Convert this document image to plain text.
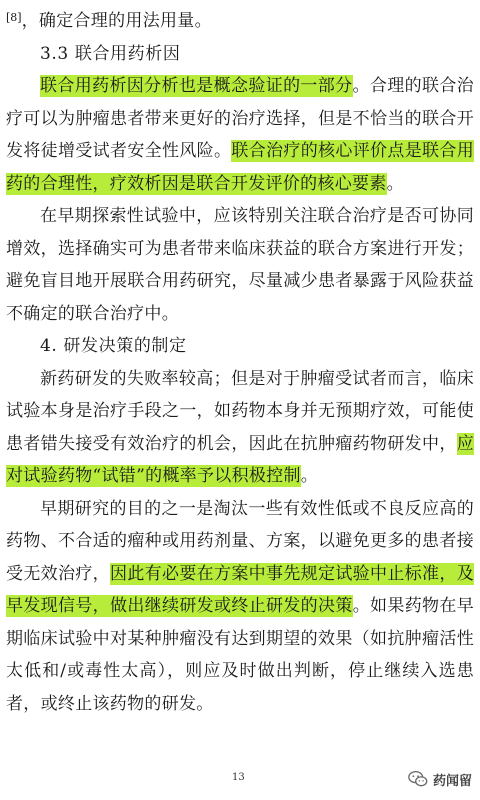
[8]，确定合理的用法用量。

3.3 联合用药析因

联合用药析因分析也是概念验证的一部分。合理的联合治疗可以为肿瘤患者带来更好的治疗选择，但是不恰当的联合开发将徒增受试者安全性风险。联合治疗的核心评价点是联合用药的合理性，疗效析因是联合开发评价的核心要素。

在早期探索性试验中，应该特别关注联合治疗是否可协同增效，选择确实可为患者带来临床获益的联合方案进行开发；避免盲目地开展联合用药研究，尽量减少患者暴露于风险获益不确定的联合治疗中。

4. 研发决策的制定

新药研发的失败率较高；但是对于肿瘤受试者而言，临床试验本身是治疗手段之一，如药物本身并无预期疗效，可能使患者错失接受有效治疗的机会，因此在抗肿瘤药物研发中，应对试验药物“试错”的概率予以积极控制。

早期研究的目的之一是淘汰一些有效性低或不良反应高的药物、不合适的瘤种或用药剂量、方案，以避免更多的患者接受无效治疗，因此有必要在方案中事先规定试验中止标准，及早发现信号，做出继续研发或终止研发的决策。如果药物在早期临床试验中对某种肿瘤没有达到期望的效果（如抗肿瘤活性太低和/或毒性太高），则应及时做出判断，停止继续入选患者，或终止该药物的研发。

13	药闻留
